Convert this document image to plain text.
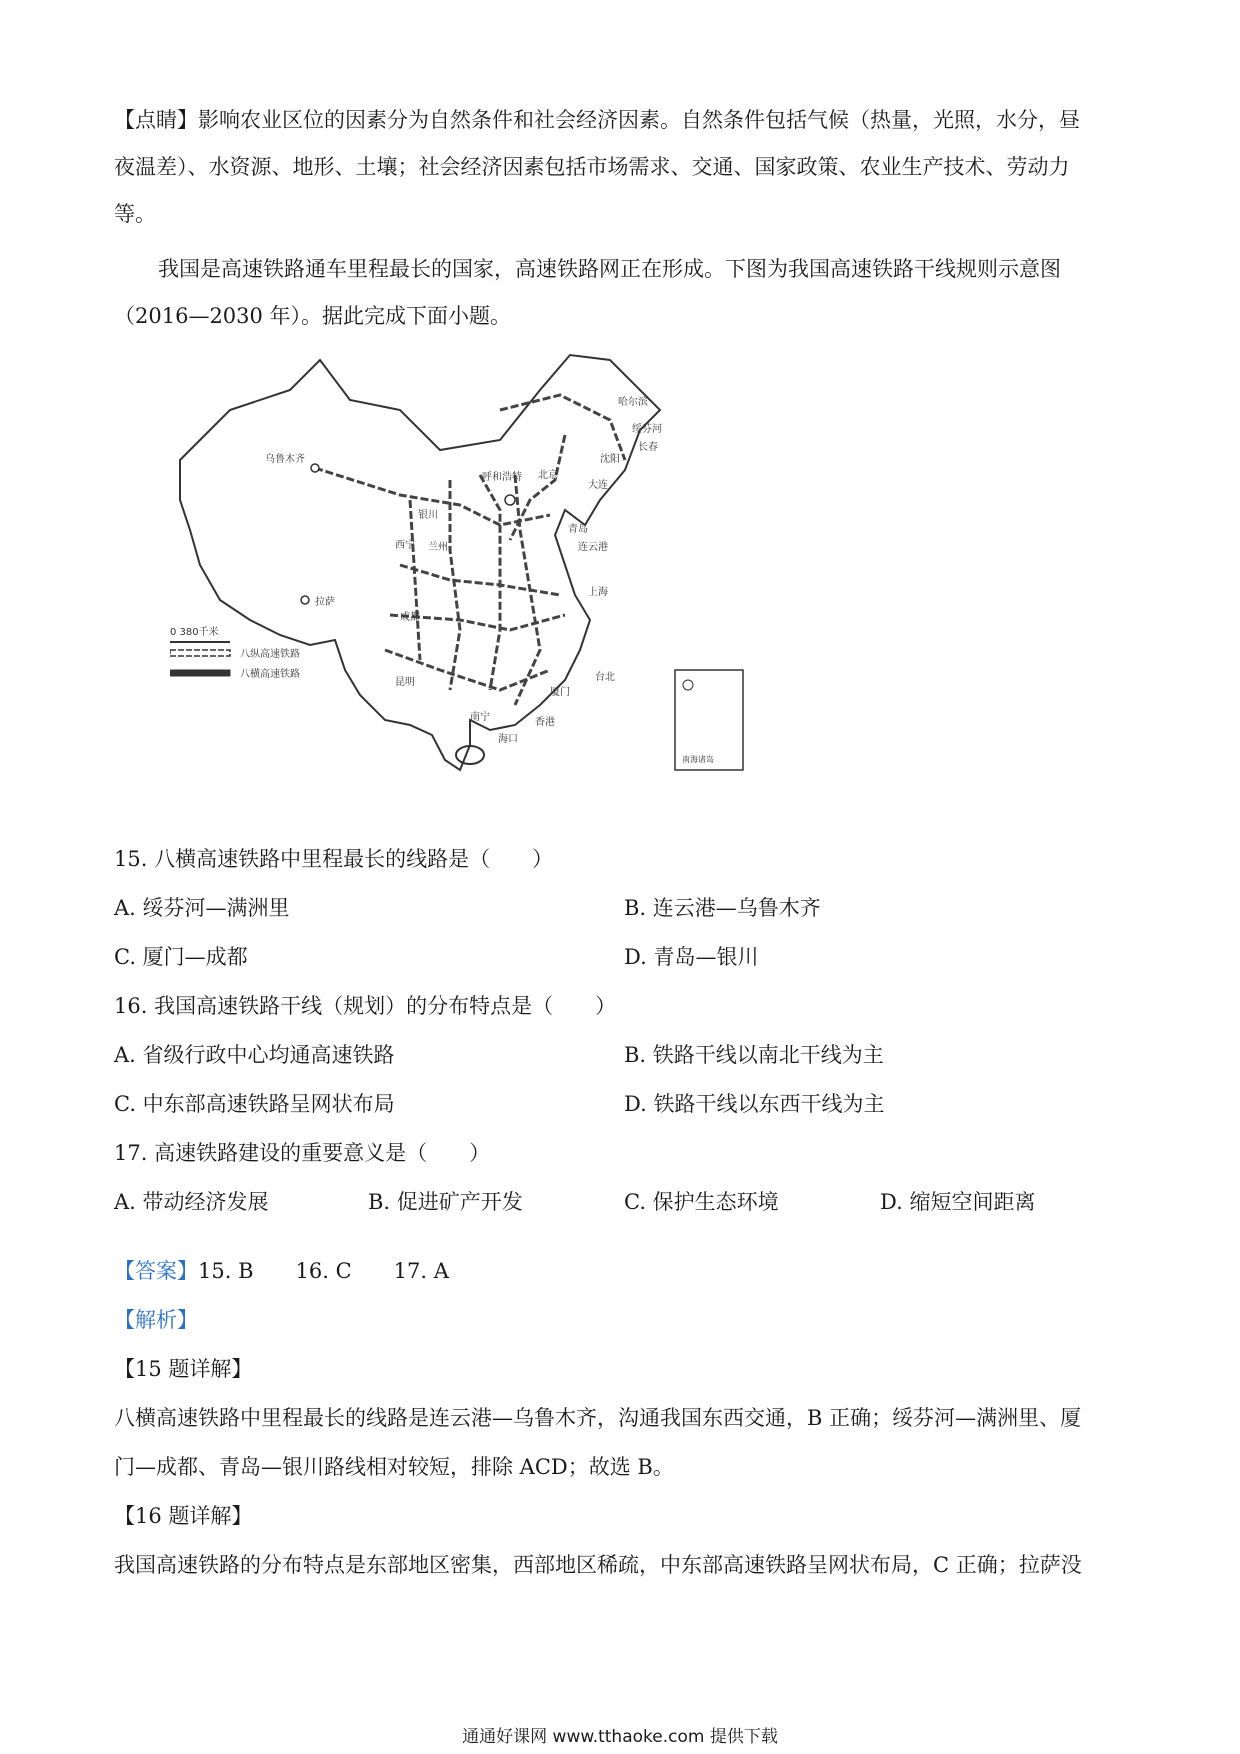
【点睛】影响农业区位的因素分为自然条件和社会经济因素。自然条件包括气候（热量，光照，水分，昼
夜温差）、水资源、地形、土壤；社会经济因素包括市场需求、交通、国家政策、农业生产技术、劳动力
等。
我国是高速铁路通车里程最长的国家，高速铁路网正在形成。下图为我国高速铁路干线规则示意图
（2016—2030 年）。据此完成下面小题。
乌鲁木齐
哈尔滨
绥芬河
长春
沈阳
北京
呼和浩特
大连
银川
兰州
西宁
青岛
连云港
上海
拉萨
成都
昆明	台北
厦门
香港
海口
南宁
0 380千米
八纵高速铁路
八横高速铁路
南海诸岛
15. 八横高速铁路中里程最长的线路是（　　）
A. 绥芬河—满洲里	B. 连云港—乌鲁木齐
C. 厦门—成都	D. 青岛—银川
16. 我国高速铁路干线（规划）的分布特点是（　　）
A. 省级行政中心均通高速铁路	B. 铁路干线以南北干线为主
C. 中东部高速铁路呈网状布局	D. 铁路干线以东西干线为主
17. 高速铁路建设的重要意义是（　　）
A. 带动经济发展	B. 促进矿产开发	C. 保护生态环境	D. 缩短空间距离
【答案】15. B 16. C 17. A
【解析】
【15 题详解】
八横高速铁路中里程最长的线路是连云港—乌鲁木齐，沟通我国东西交通，B 正确；绥芬河—满洲里、厦
门—成都、青岛—银川路线相对较短，排除 ACD；故选 B。
【16 题详解】
我国高速铁路的分布特点是东部地区密集，西部地区稀疏，中东部高速铁路呈网状布局，C 正确；拉萨没
通通好课网 www.tthaoke.com 提供下载
